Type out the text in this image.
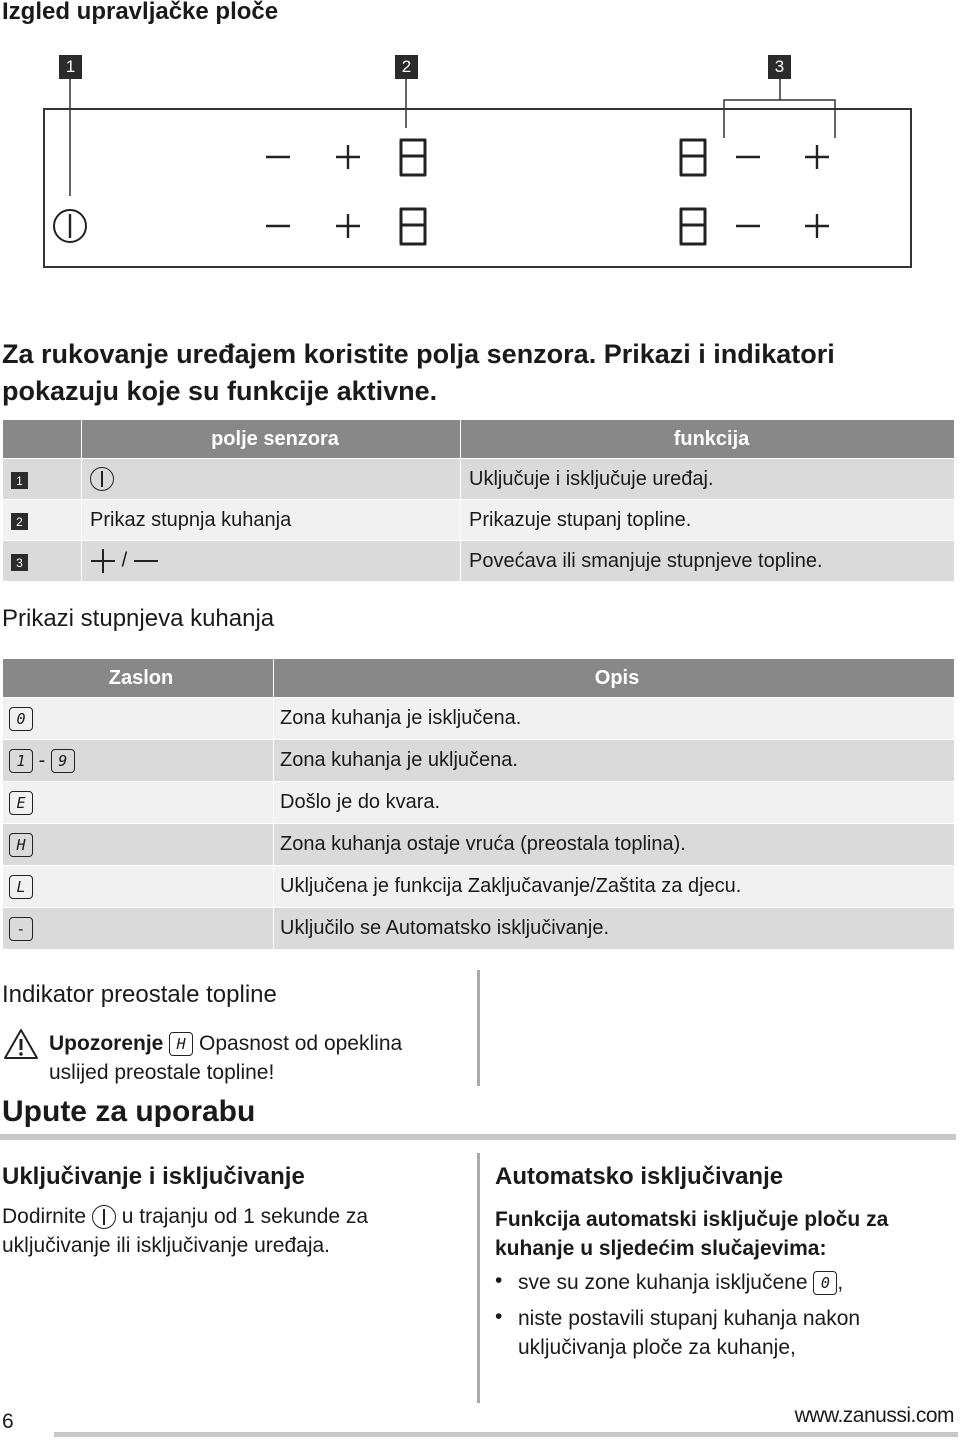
Izgled upravljačke ploče
1	2	3
Za rukovanje uređajem koristite polja senzora. Prikazi i indikatori pokazuju koje su funkcije aktivne.
	polje senzora	funkcija
1		Uključuje i isključuje uređaj.
2	Prikaz stupnja kuhanja	Prikazuje stupanj topline.
3	/	Povećava ili smanjuje stupnjeve topline.
Prikazi stupnjeva kuhanja
Zaslon	Opis
0	Zona kuhanja je isključena.
1 - 9	Zona kuhanja je uključena.
E	Došlo je do kvara.
H	Zona kuhanja ostaje vruća (preostala toplina).
L	Uključena je funkcija Zaključavanje/Zaštita za djecu.
-	Uključilo se Automatsko isključivanje.
Indikator preostale topline
Upozorenje H Opasnost od opeklina
uslijed preostale topline!
Upute za uporabu
Uključivanje i isključivanje
Dodirnite u trajanju od 1 sekunde za
uključivanje ili isključivanje uređaja.
Automatsko isključivanje
Funkcija automatski isključuje ploču za kuhanje u sljedećim slučajevima:
• sve su zone kuhanja isključene 0 ,
• niste postavili stupanj kuhanja nakon uključivanja ploče za kuhanje,
6	www.zanussi.com
